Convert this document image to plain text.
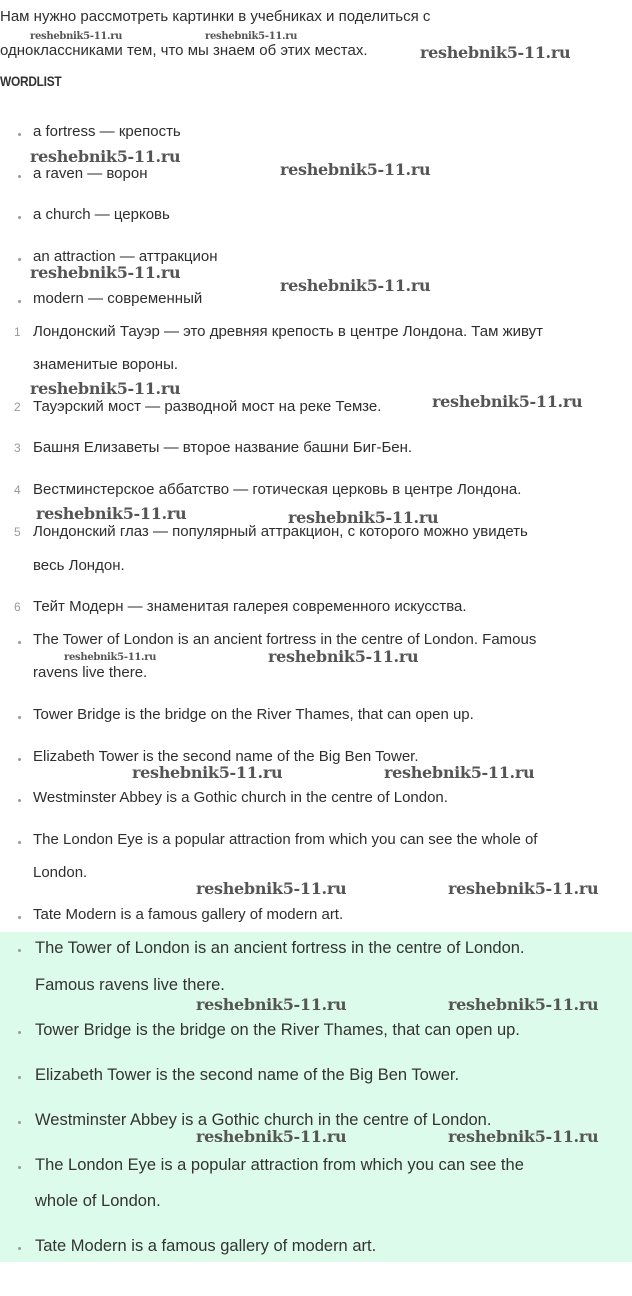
Нам нужно рассмотреть картинки в учебниках и поделиться с
одноклассниками тем, что мы знаем об этих местах.
WORDLIST
a fortress — крепость
a raven — ворон
a church — церковь
an attraction — аттракцион
modern — современный
1 Лондонский Тауэр — это древняя крепость в центре Лондона. Там живут
знаменитые вороны.
2 Тауэрский мост — разводной мост на реке Темзе.
3 Башня Елизаветы — второе название башни Биг-Бен.
4 Вестминстерское аббатство — готическая церковь в центре Лондона.
5 Лондонский глаз — популярный аттракцион, с которого можно увидеть
весь Лондон.
6 Тейт Модерн — знаменитая галерея современного искусства.
The Tower of London is an ancient fortress in the centre of London. Famous
ravens live there.
Tower Bridge is the bridge on the River Thames, that can open up.
Elizabeth Tower is the second name of the Big Ben Tower.
Westminster Abbey is a Gothic church in the centre of London.
The London Eye is a popular attraction from which you can see the whole of
London.
Tate Modern is a famous gallery of modern art.
The Tower of London is an ancient fortress in the centre of London.
Famous ravens live there.
Tower Bridge is the bridge on the River Thames, that can open up.
Elizabeth Tower is the second name of the Big Ben Tower.
Westminster Abbey is a Gothic church in the centre of London.
The London Eye is a popular attraction from which you can see the
whole of London.
Tate Modern is a famous gallery of modern art.
reshebnik5-11.ru	reshebnik5-11.ru
reshebnik5-11.ru
reshebnik5-11.ru
reshebnik5-11.ru
reshebnik5-11.ru
reshebnik5-11.ru
reshebnik5-11.ru
reshebnik5-11.ru
reshebnik5-11.ru	reshebnik5-11.ru
reshebnik5-11.ru	reshebnik5-11.ru
reshebnik5-11.ru	reshebnik5-11.ru
reshebnik5-11.ru	reshebnik5-11.ru
reshebnik5-11.ru	reshebnik5-11.ru
reshebnik5-11.ru	reshebnik5-11.ru
